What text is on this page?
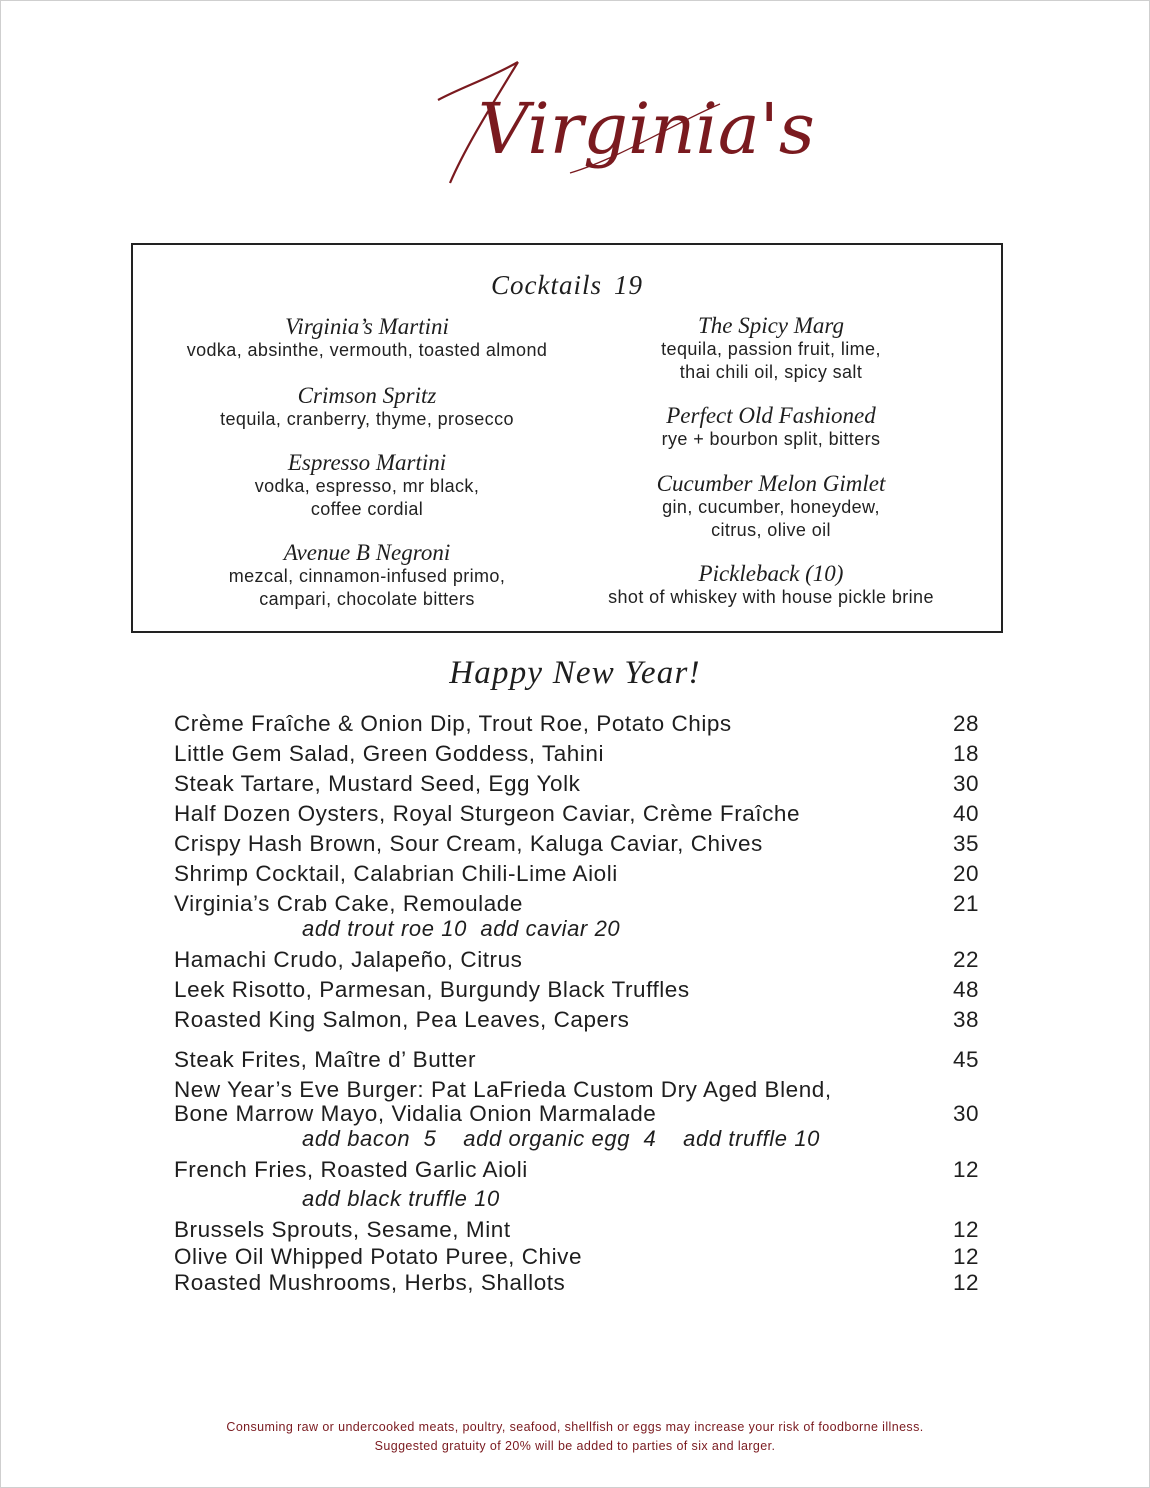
Virginia's
Cocktails 19
Virginia’s Martini
vodka, absinthe, vermouth, toasted almond
Crimson Spritz
tequila, cranberry, thyme, prosecco
Espresso Martini
vodka, espresso, mr black,
coffee cordial
Avenue B Negroni
mezcal, cinnamon-infused primo,
campari, chocolate bitters
The Spicy Marg
tequila, passion fruit, lime,
thai chili oil, spicy salt
Perfect Old Fashioned
rye + bourbon split, bitters
Cucumber Melon Gimlet
gin, cucumber, honeydew,
citrus, olive oil
Pickleback (10)
shot of whiskey with house pickle brine
Happy New Year!
Crème Fraîche & Onion Dip, Trout Roe, Potato Chips	28
Little Gem Salad, Green Goddess, Tahini	18
Steak Tartare, Mustard Seed, Egg Yolk	30
Half Dozen Oysters, Royal Sturgeon Caviar, Crème Fraîche	40
Crispy Hash Brown, Sour Cream, Kaluga Caviar, Chives	35
Shrimp Cocktail, Calabrian Chili-Lime Aioli	20
Virginia’s Crab Cake, Remoulade	21
add trout roe 10  add caviar 20
Hamachi Crudo, Jalapeño, Citrus	22
Leek Risotto, Parmesan, Burgundy Black Truffles	48
Roasted King Salmon, Pea Leaves, Capers	38
Steak Frites, Maître d’ Butter	45
New Year’s Eve Burger: Pat LaFrieda Custom Dry Aged Blend,
Bone Marrow Mayo, Vidalia Onion Marmalade	30
add bacon  5    add organic egg  4    add truffle 10
French Fries, Roasted Garlic Aioli	12
add black truffle 10
Brussels Sprouts, Sesame, Mint	12
Olive Oil Whipped Potato Puree, Chive	12
Roasted Mushrooms, Herbs, Shallots	12
Consuming raw or undercooked meats, poultry, seafood, shellfish or eggs may increase your risk of foodborne illness.
Suggested gratuity of 20% will be added to parties of six and larger.
